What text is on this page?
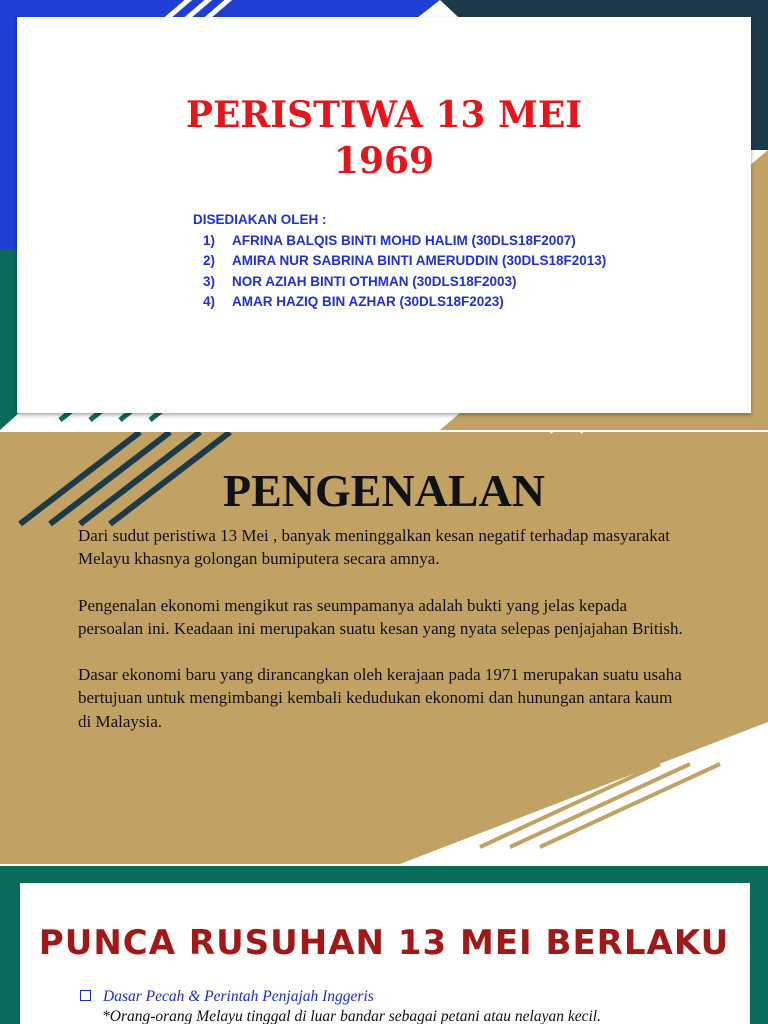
PERISTIWA 13 MEI
1969
DISEDIAKAN OLEH :
1) AFRINA BALQIS BINTI MOHD HALIM (30DLS18F2007)
2) AMIRA NUR SABRINA BINTI AMERUDDIN (30DLS18F2013)
3) NOR AZIAH BINTI OTHMAN (30DLS18F2003)
4) AMAR HAZIQ BIN AZHAR (30DLS18F2023)
PENGENALAN

Dari sudut peristiwa 13 Mei , banyak meninggalkan kesan negatif terhadap masyarakat Melayu khasnya golongan bumiputera secara amnya.

Pengenalan ekonomi mengikut ras seumpamanya adalah bukti yang jelas kepada persoalan ini. Keadaan ini merupakan suatu kesan yang nyata selepas penjajahan British.

Dasar ekonomi baru yang dirancangkan oleh kerajaan pada 1971 merupakan suatu usaha bertujuan untuk mengimbangi kembali kedudukan ekonomi dan hunungan antara kaum di Malaysia.

PUNCA RUSUHAN 13 MEI BERLAKU
Dasar Pecah & Perintah Penjajah Inggeris
*Orang-orang Melayu tinggal di luar bandar sebagai petani atau nelayan kecil.
